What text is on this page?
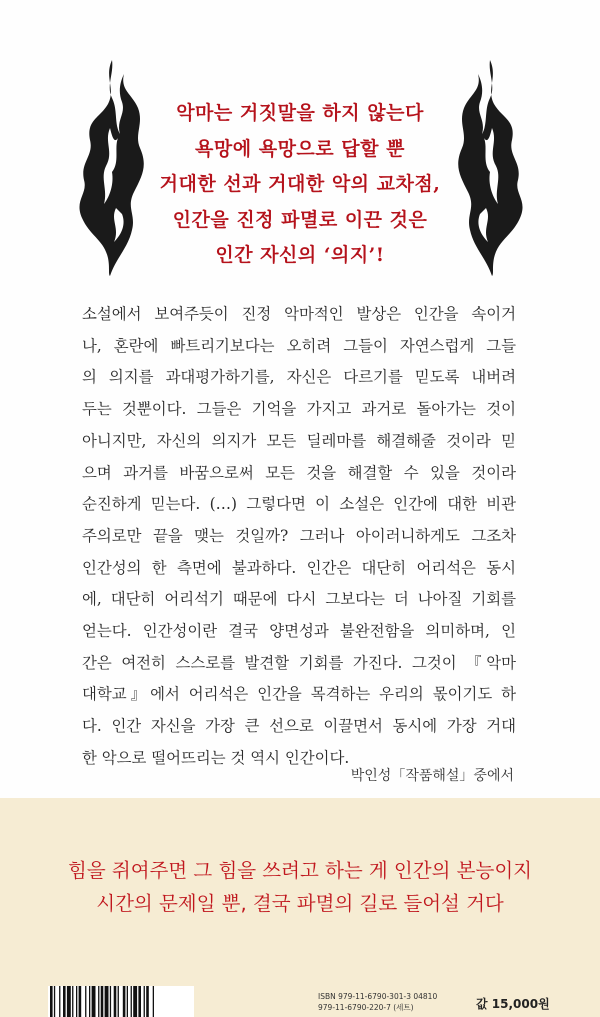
악마는 거짓말을 하지 않는다
욕망에 욕망으로 답할 뿐
거대한 선과 거대한 악의 교차점,
인간을 진정 파멸로 이끈 것은
인간 자신의 ‘의지’!
소설에서 보여주듯이 진정 악마적인 발상은 인간을 속이거
나, 혼란에 빠트리기보다는 오히려 그들이 자연스럽게 그들
의 의지를 과대평가하기를, 자신은 다르기를 믿도록 내버려
두는 것뿐이다. 그들은 기억을 가지고 과거로 돌아가는 것이
아니지만, 자신의 의지가 모든 딜레마를 해결해줄 것이라 믿
으며 과거를 바꿈으로써 모든 것을 해결할 수 있을 것이라
순진하게 믿는다. (…) 그렇다면 이 소설은 인간에 대한 비관
주의로만 끝을 맺는 것일까? 그러나 아이러니하게도 그조차
인간성의 한 측면에 불과하다. 인간은 대단히 어리석은 동시
에, 대단히 어리석기 때문에 다시 그보다는 더 나아질 기회를
얻는다. 인간성이란 결국 양면성과 불완전함을 의미하며, 인
간은 여전히 스스로를 발견할 기회를 가진다. 그것이 『악마
대학교』에서 어리석은 인간을 목격하는 우리의 몫이기도 하
다. 인간 자신을 가장 큰 선으로 이끌면서 동시에 가장 거대
한 악으로 떨어뜨리는 것 역시 인간이다.
박인성「작품해설」중에서
힘을 쥐여주면 그 힘을 쓰려고 하는 게 인간의 본능이지
시간의 문제일 뿐, 결국 파멸의 길로 들어설 거다
ISBN 979-11-6790-301-3 04810
979-11-6790-220-7 (세트)	값 15,000원
